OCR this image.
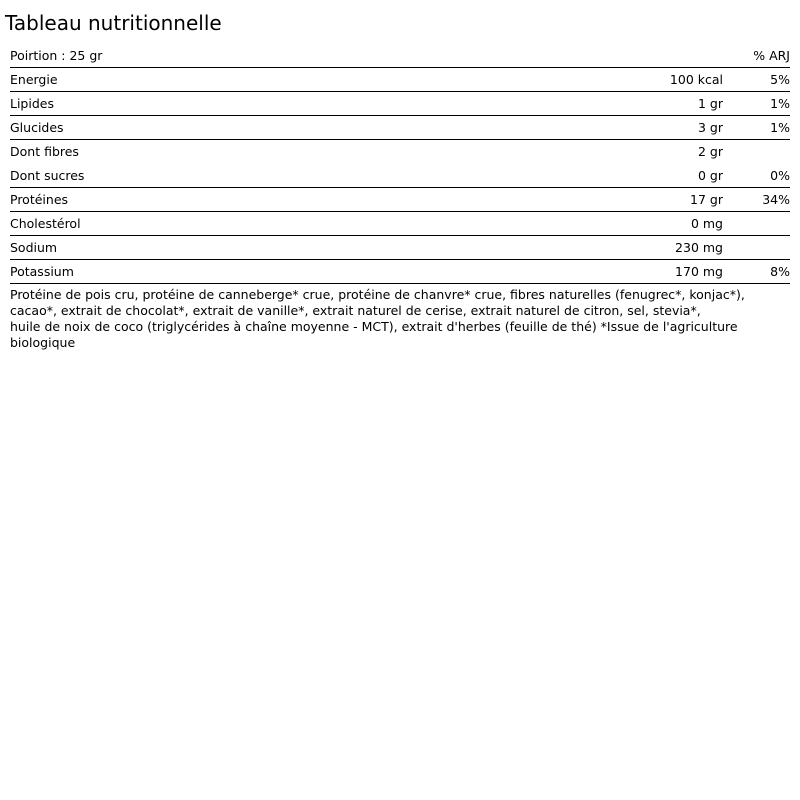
Tableau nutritionnelle
Poirtion : 25 gr	% ARJ
Energie	100 kcal	5%
Lipides	1 gr	1%
Glucides	3 gr	1%
Dont fibres	2 gr
Dont sucres	0 gr	0%
Protéines	17 gr	34%
Cholestérol	0 mg
Sodium	230 mg
Potassium	170 mg	8%

Protéine de pois cru, protéine de canneberge* crue, protéine de chanvre* crue, fibres naturelles (fenugrec*, konjac*),
cacao*, extrait de chocolat*, extrait de vanille*, extrait naturel de cerise, extrait naturel de citron, sel, stevia*,
huile de noix de coco (triglycérides à chaîne moyenne - MCT), extrait d'herbes (feuille de thé) *Issue de l'agriculture
biologique
